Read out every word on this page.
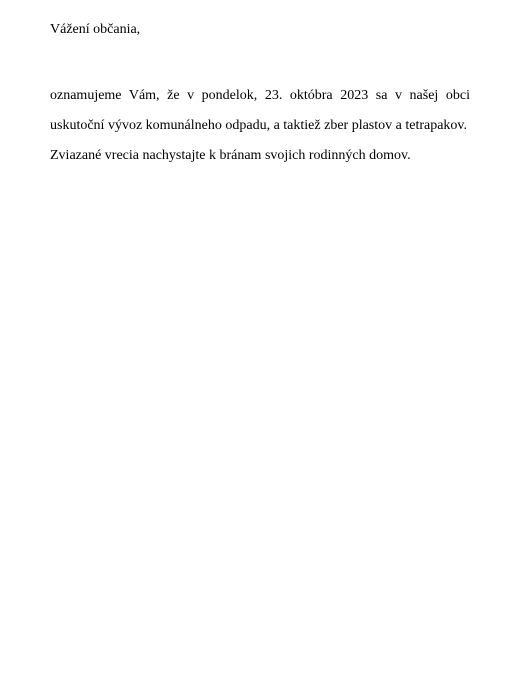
Vážení občania,

oznamujeme Vám, že v pondelok, 23. októbra 2023 sa v našej obci
uskutoční vývoz komunálneho odpadu, a taktiež zber plastov a tetrapakov.
Zviazané vrecia nachystajte k bránam svojich rodinných domov.
